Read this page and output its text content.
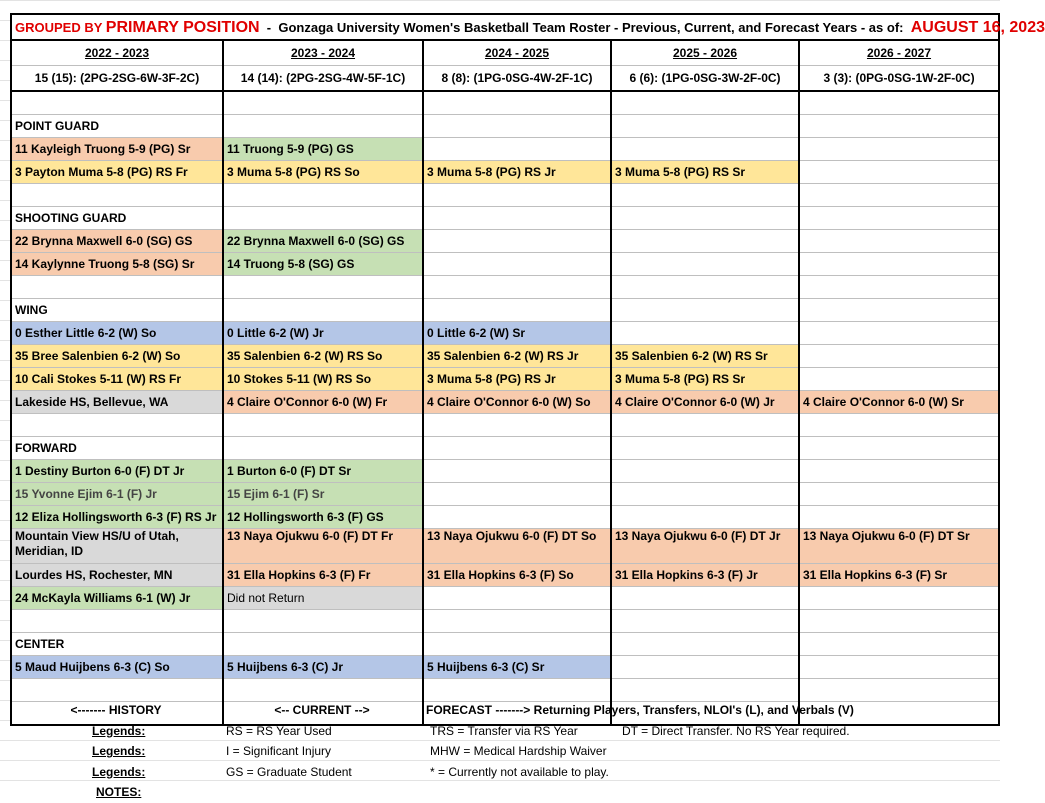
GROUPED BY PRIMARY POSITION  -  Gonzaga University Women's Basketball Team Roster - Previous, Current, and Forecast Years - as of:  AUGUST 16, 2023				
2022 - 2023	2023 - 2024	2024 - 2025	2025 - 2026	2026 - 2027
15 (15): (2PG-2SG-6W-3F-2C)	14 (14): (2PG-2SG-4W-5F-1C)	8 (8): (1PG-0SG-4W-2F-1C)	6 (6): (1PG-0SG-3W-2F-0C)	3 (3): (0PG-0SG-1W-2F-0C)

POINT GUARD				
11 Kayleigh Truong 5-9 (PG) Sr	11 Truong 5-9 (PG) GS			
3 Payton Muma 5-8 (PG) RS Fr	3 Muma 5-8 (PG) RS So	3 Muma 5-8 (PG) RS Jr	3 Muma 5-8 (PG) RS Sr	

SHOOTING GUARD				
22 Brynna Maxwell 6-0 (SG) GS	22 Brynna Maxwell 6-0 (SG) GS			
14 Kaylynne Truong 5-8 (SG) Sr	14 Truong 5-8 (SG) GS			

WING				
0 Esther Little 6-2 (W) So	0 Little 6-2 (W) Jr	0 Little 6-2 (W) Sr		
35 Bree Salenbien 6-2 (W) So	35 Salenbien 6-2 (W) RS So	35 Salenbien 6-2 (W) RS Jr	35 Salenbien 6-2 (W) RS Sr	
10 Cali Stokes 5-11 (W) RS Fr	10 Stokes 5-11 (W) RS So	3 Muma 5-8 (PG) RS Jr	3 Muma 5-8 (PG) RS Sr	
Lakeside HS, Bellevue, WA	4 Claire O'Connor 6-0 (W) Fr	4 Claire O'Connor 6-0 (W) So	4 Claire O'Connor 6-0 (W) Jr	4 Claire O'Connor 6-0 (W) Sr

FORWARD				
1 Destiny Burton 6-0 (F) DT Jr	1 Burton 6-0 (F) DT Sr			
15 Yvonne Ejim 6-1 (F) Jr	15 Ejim 6-1 (F) Sr			
12 Eliza Hollingsworth 6-3 (F) RS Jr	12 Hollingsworth 6-3 (F) GS			
Mountain View HS/U of Utah, Meridian, ID	13 Naya Ojukwu 6-0 (F) DT Fr	13 Naya Ojukwu 6-0 (F) DT So	13 Naya Ojukwu 6-0 (F) DT Jr	13 Naya Ojukwu 6-0 (F) DT Sr
Lourdes HS, Rochester, MN	31 Ella Hopkins 6-3 (F) Fr	31 Ella Hopkins 6-3 (F) So	31 Ella Hopkins 6-3 (F) Jr	31 Ella Hopkins 6-3 (F) Sr
24 McKayla Williams 6-1 (W) Jr	Did not Return			

CENTER				
5 Maud Huijbens 6-3 (C) So	5 Huijbens 6-3 (C) Jr	5 Huijbens 6-3 (C) Sr		

<------- HISTORY	<-- CURRENT -->	FORECAST -------> Returning Players, Transfers, NLOI's (L), and Verbals (V)
Legends:	RS = RS Year Used	TRS = Transfer via RS Year	DT = Direct Transfer. No RS Year required.
Legends:	I = Significant Injury	MHW = Medical Hardship Waiver
Legends:	GS = Graduate Student	* = Currently not available to play.
NOTES:
